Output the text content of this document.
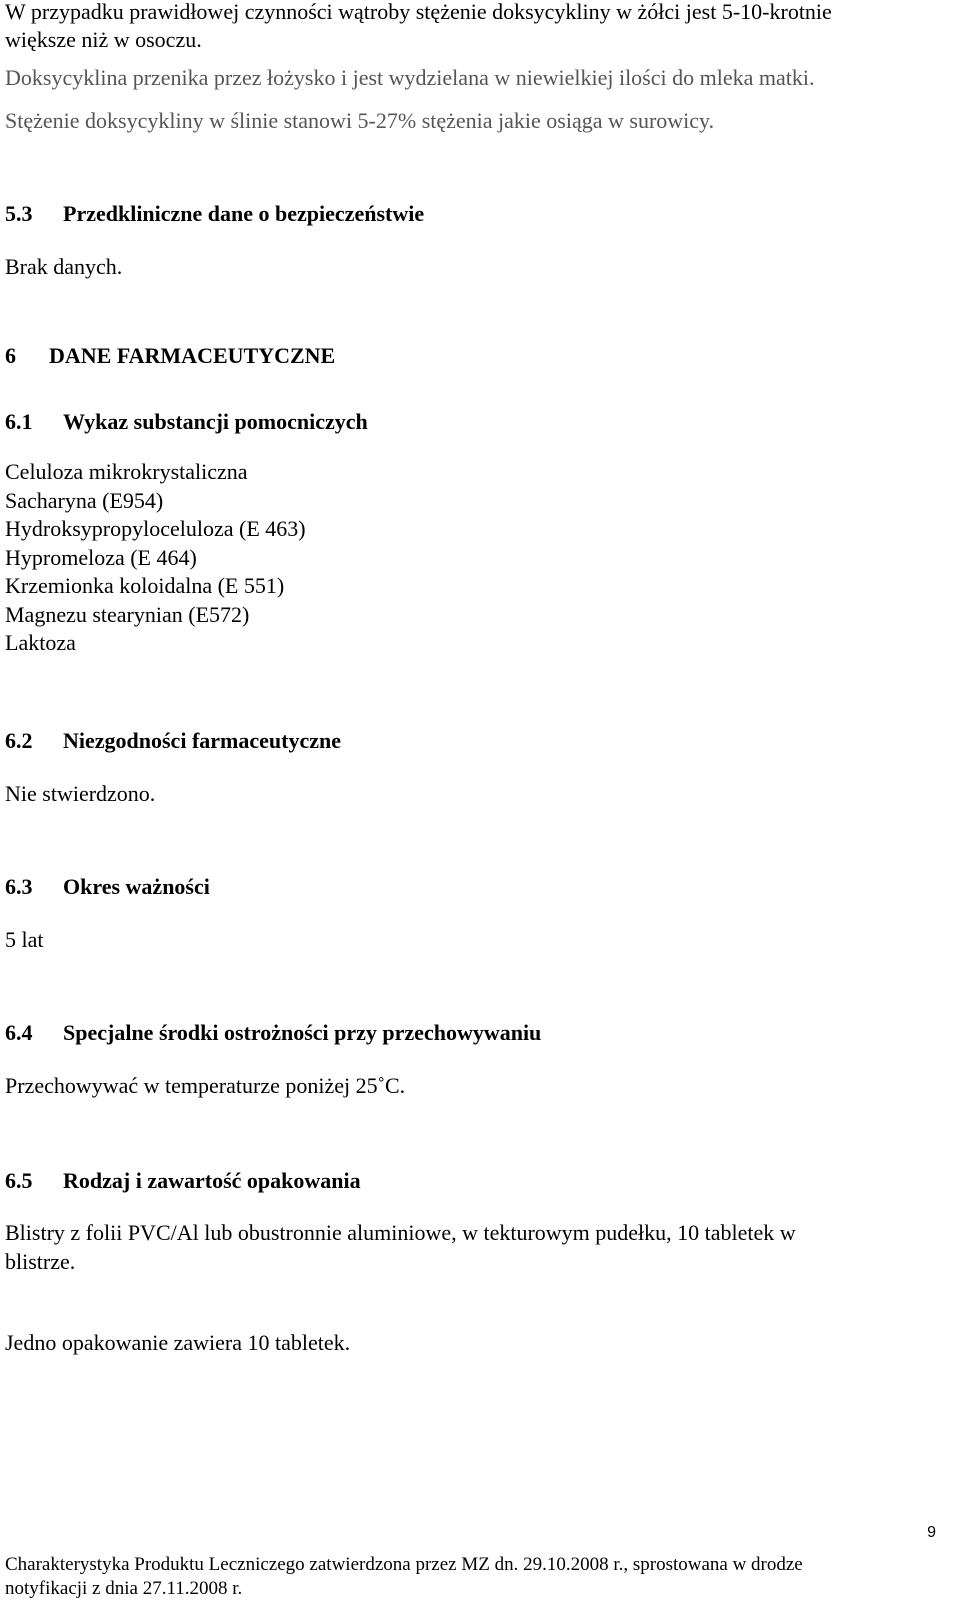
W przypadku prawidłowej czynności wątroby stężenie doksycykliny w żółci jest 5-10-krotnie
większe niż w osoczu.
Doksycyklina przenika przez łożysko i jest wydzielana w niewielkiej ilości do mleka matki.
Stężenie doksycykliny w ślinie stanowi 5-27% stężenia jakie osiąga w surowicy.
5.3 Przedkliniczne dane o bezpieczeństwie
Brak danych.
6 DANE FARMACEUTYCZNE
6.1 Wykaz substancji pomocniczych
Celuloza mikrokrystaliczna
Sacharyna (E954)
Hydroksypropyloceluloza (E 463)
Hypromeloza (E 464)
Krzemionka koloidalna (E 551)
Magnezu stearynian (E572)
Laktoza
6.2 Niezgodności farmaceutyczne
Nie stwierdzono.
6.3 Okres ważności
5 lat
6.4 Specjalne środki ostrożności przy przechowywaniu
Przechowywać w temperaturze poniżej 25˚C.
6.5 Rodzaj i zawartość opakowania
Blistry z folii PVC/Al lub obustronnie aluminiowe, w tekturowym pudełku, 10 tabletek w
blistrze.
Jedno opakowanie zawiera 10 tabletek.
9
Charakterystyka Produktu Leczniczego zatwierdzona przez MZ dn. 29.10.2008 r., sprostowana w drodze
notyfikacji z dnia 27.11.2008 r.
